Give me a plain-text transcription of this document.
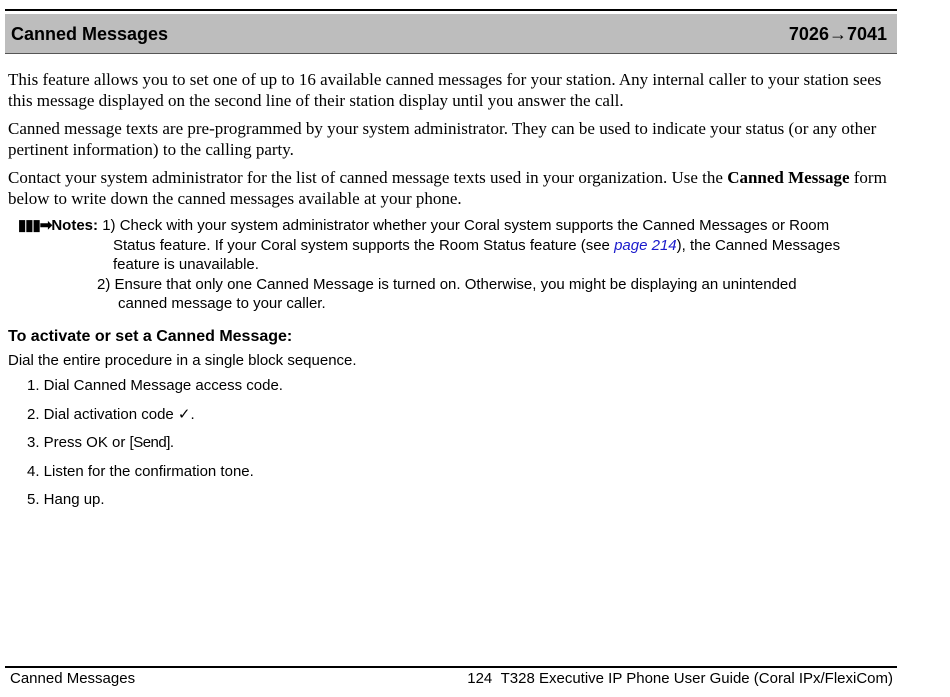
Canned Messages	7026→7041
This feature allows you to set one of up to 16 available canned messages for your station. Any internal caller to your station sees this message displayed on the second line of their station display until you answer the call.
Canned message texts are pre-programmed by your system administrator. They can be used to indicate your status (or any other pertinent information) to the calling party.
Contact your system administrator for the list of canned message texts used in your organization. Use the Canned Message form below to write down the canned messages available at your phone.
▮▮▮➡Notes: 1) Check with your system administrator whether your Coral system supports the Canned Messages or Room
Status feature. If your Coral system supports the Room Status feature (see page 214), the Canned Messages
feature is unavailable.
2) Ensure that only one Canned Message is turned on. Otherwise, you might be displaying an unintended
canned message to your caller.
To activate or set a Canned Message:
Dial the entire procedure in a single block sequence.
1. Dial Canned Message access code.
2. Dial activation code ✓.
3. Press OK or [Send].
4. Listen for the confirmation tone.
5. Hang up.
Canned Messages	124 T328 Executive IP Phone User Guide (Coral IPx/FlexiCom)
